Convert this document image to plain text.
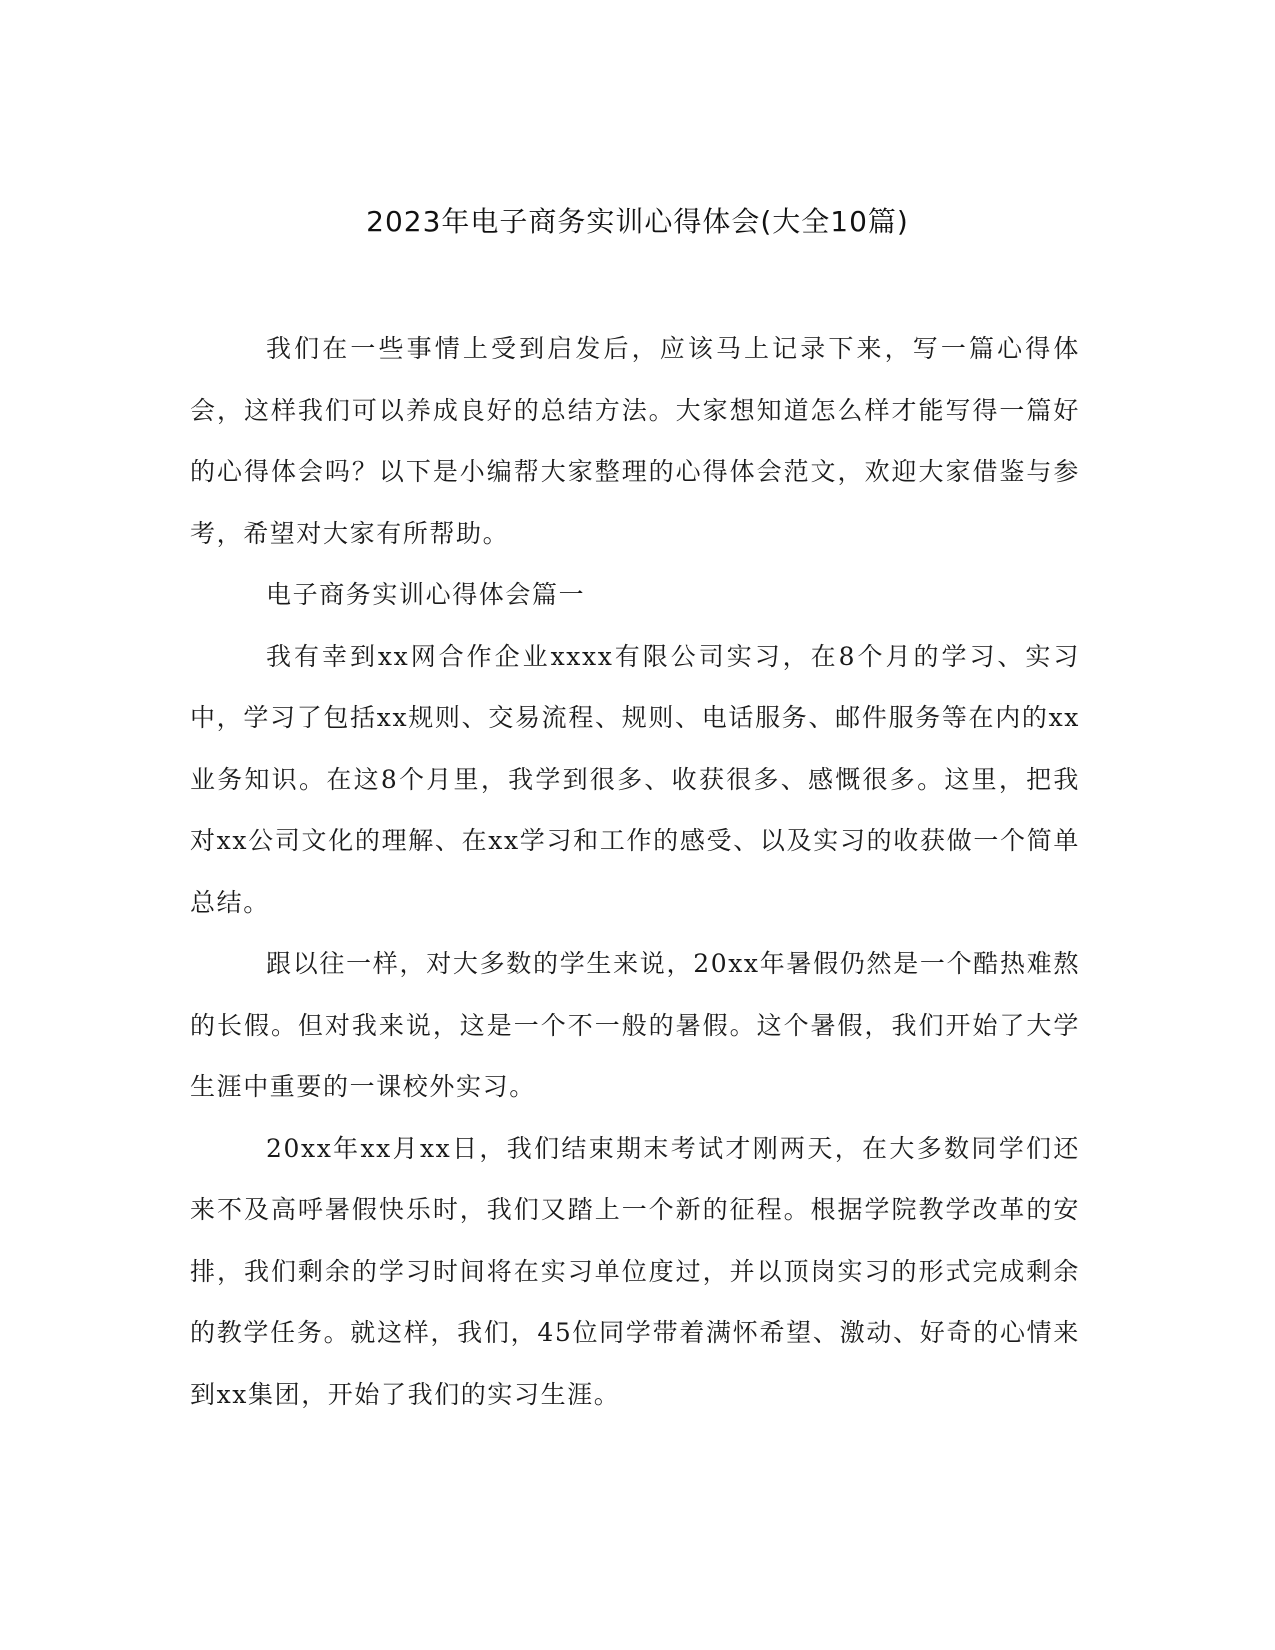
2023年电子商务实训心得体会(大全10篇)

我们在一些事情上受到启发后，应该马上记录下来，写一篇心得体会，这样我们可以养成良好的总结方法。大家想知道怎么样才能写得一篇好的心得体会吗？以下是小编帮大家整理的心得体会范文，欢迎大家借鉴与参考，希望对大家有所帮助。

电子商务实训心得体会篇一

我有幸到xx网合作企业xxxx有限公司实习，在8个月的学习、实习中，学习了包括xx规则、交易流程、规则、电话服务、邮件服务等在内的xx业务知识。在这8个月里，我学到很多、收获很多、感慨很多。这里，把我对xx公司文化的理解、在xx学习和工作的感受、以及实习的收获做一个简单总结。

跟以往一样，对大多数的学生来说，20xx年暑假仍然是一个酷热难熬的长假。但对我来说，这是一个不一般的暑假。这个暑假，我们开始了大学生涯中重要的一课校外实习。

20xx年xx月xx日，我们结束期末考试才刚两天，在大多数同学们还来不及高呼暑假快乐时，我们又踏上一个新的征程。根据学院教学改革的安排，我们剩余的学习时间将在实习单位度过，并以顶岗实习的形式完成剩余的教学任务。就这样，我们，45位同学带着满怀希望、激动、好奇的心情来到xx集团，开始了我们的实习生涯。
